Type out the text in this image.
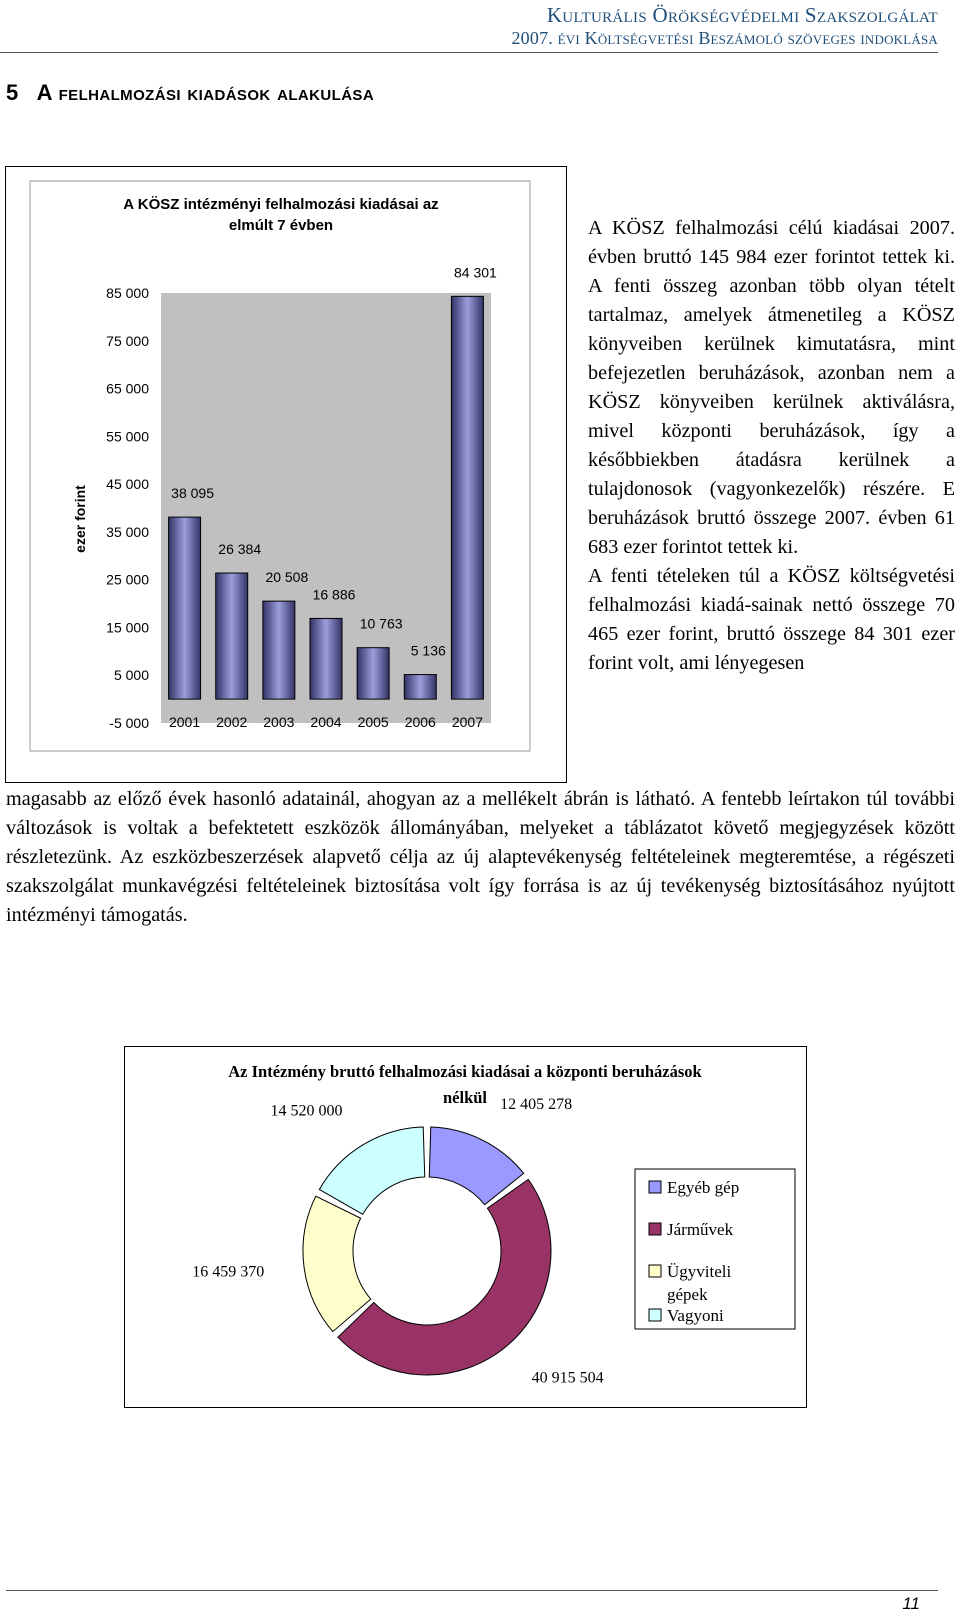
Kulturális Örökségvédelmi Szakszolgálat
2007. évi Költségvetési Beszámoló szöveges indoklása
5 A felhalmozási kiadások alakulása
A KÖSZ intézményi felhalmozási kiadásai az
elmúlt 7 évben
ezer forint
85 000
75 000
65 000
55 000
45 000
35 000
25 000
15 000
5 000
-5 000
38 095
26 384
20 508
16 886
10 763
5 136
84 301
2001 2002 2003 2004 2005 2006 2007

A KÖSZ felhalmozási célú kiadásai 2007. évben bruttó 145 984 ezer forintot tettek ki. A fenti összeg azonban több olyan tételt tartalmaz, amelyek átmenetileg a KÖSZ könyveiben kerülnek kimutatásra, mint befejezetlen beruházások, azonban nem a KÖSZ könyveiben kerülnek aktiválásra, mivel központi beruházások, így a későbbiekben átadásra kerülnek a tulajdonosok (vagyonkezelők) részére. E beruházások bruttó összege 2007. évben 61 683 ezer forintot tettek ki.

A fenti tételeken túl a KÖSZ költségvetési felhalmozási kiadá-sainak nettó összege 70 465 ezer forint, bruttó összege 84 301 ezer forint volt, ami lényegesen

magasabb az előző évek hasonló adatainál, ahogyan az a mellékelt ábrán is látható. A fentebb leírtakon túl további változások is voltak a befektetett eszközök állományában, melyeket a táblázatot követő megjegyzések között részletezünk. Az eszközbeszerzések alapvető célja az új alaptevékenység feltételeinek megteremtése, a régészeti szakszolgálat munkavégzési feltételeinek biztosítása volt így forrása is az új tevékenység biztosításához nyújtott intézményi támogatás.

Az Intézmény bruttó felhalmozási kiadásai a központi beruházások
nélkül 12 405 278
40 915 504
16 459 370
14 520 000
Egyéb gép
Járművek
Ügyviteli
gépek
Vagyoni
11
